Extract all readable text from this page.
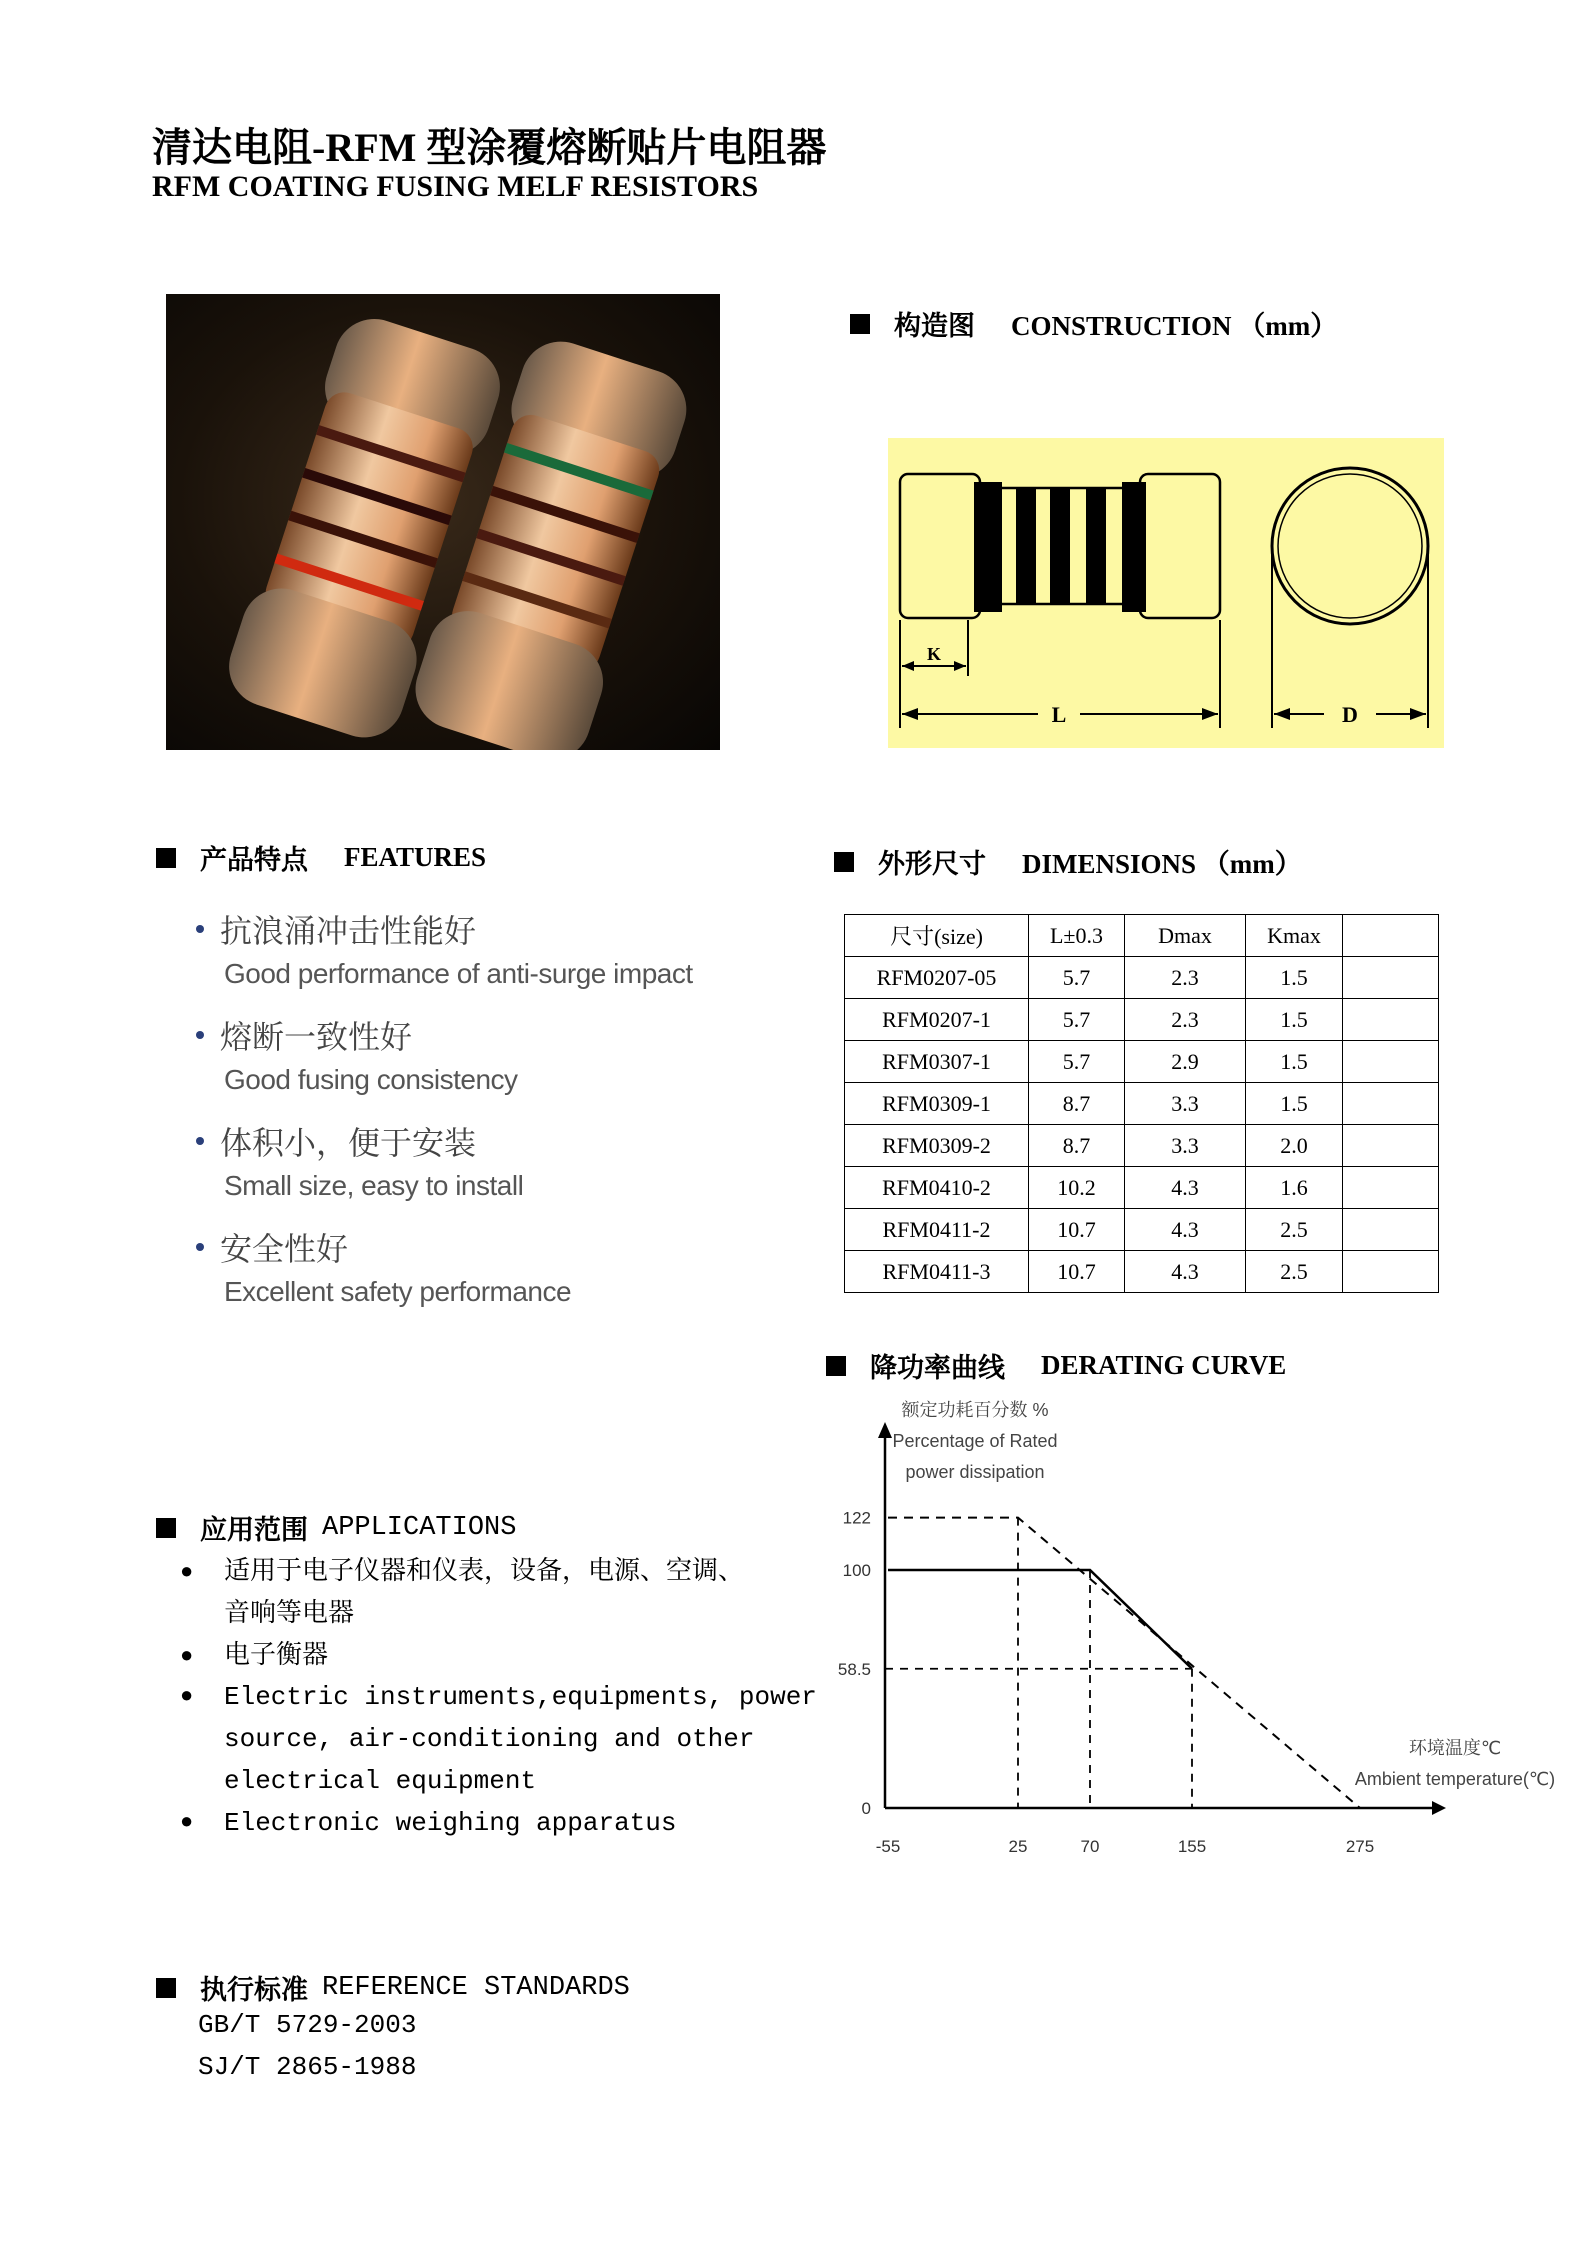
清达电阻-RFM 型涂覆熔断贴片电阻器
RFM COATING FUSING MELF RESISTORS
构造图 CONSTRUCTION （mm）
K
L	D
产品特点 FEATURES
抗浪涌冲击性能好
Good performance of anti-surge impact
熔断一致性好
Good fusing consistency
体积小，便于安装
Small size, easy to install
安全性好
Excellent safety performance
外形尺寸 DIMENSIONS （mm）
尺寸(size)	L±0.3	Dmax	Kmax	
RFM0207-05	5.7	2.3	1.5	
RFM0207-1	5.7	2.3	1.5	
RFM0307-1	5.7	2.9	1.5	
RFM0309-1	8.7	3.3	1.5	
RFM0309-2	8.7	3.3	2.0	
RFM0410-2	10.2	4.3	1.6	
RFM0411-2	10.7	4.3	2.5	
RFM0411-3	10.7	4.3	2.5	
降功率曲线 DERATING CURVE
0
58.5
100
122
-55	25	70	155	275
额定功耗百分数 %
Percentage of Rated
power dissipation
环境温度℃
Ambient temperature(℃)
应用范围 APPLICATIONS
●	适用于电子仪器和仪表，设备，电源、空调、
音响等电器
●	电子衡器
●	Electric instruments,equipments, power
source, air-conditioning and other
electrical equipment
●	Electronic weighing apparatus
执行标准 REFERENCE STANDARDS
GB/T 5729-2003
SJ/T 2865-1988
